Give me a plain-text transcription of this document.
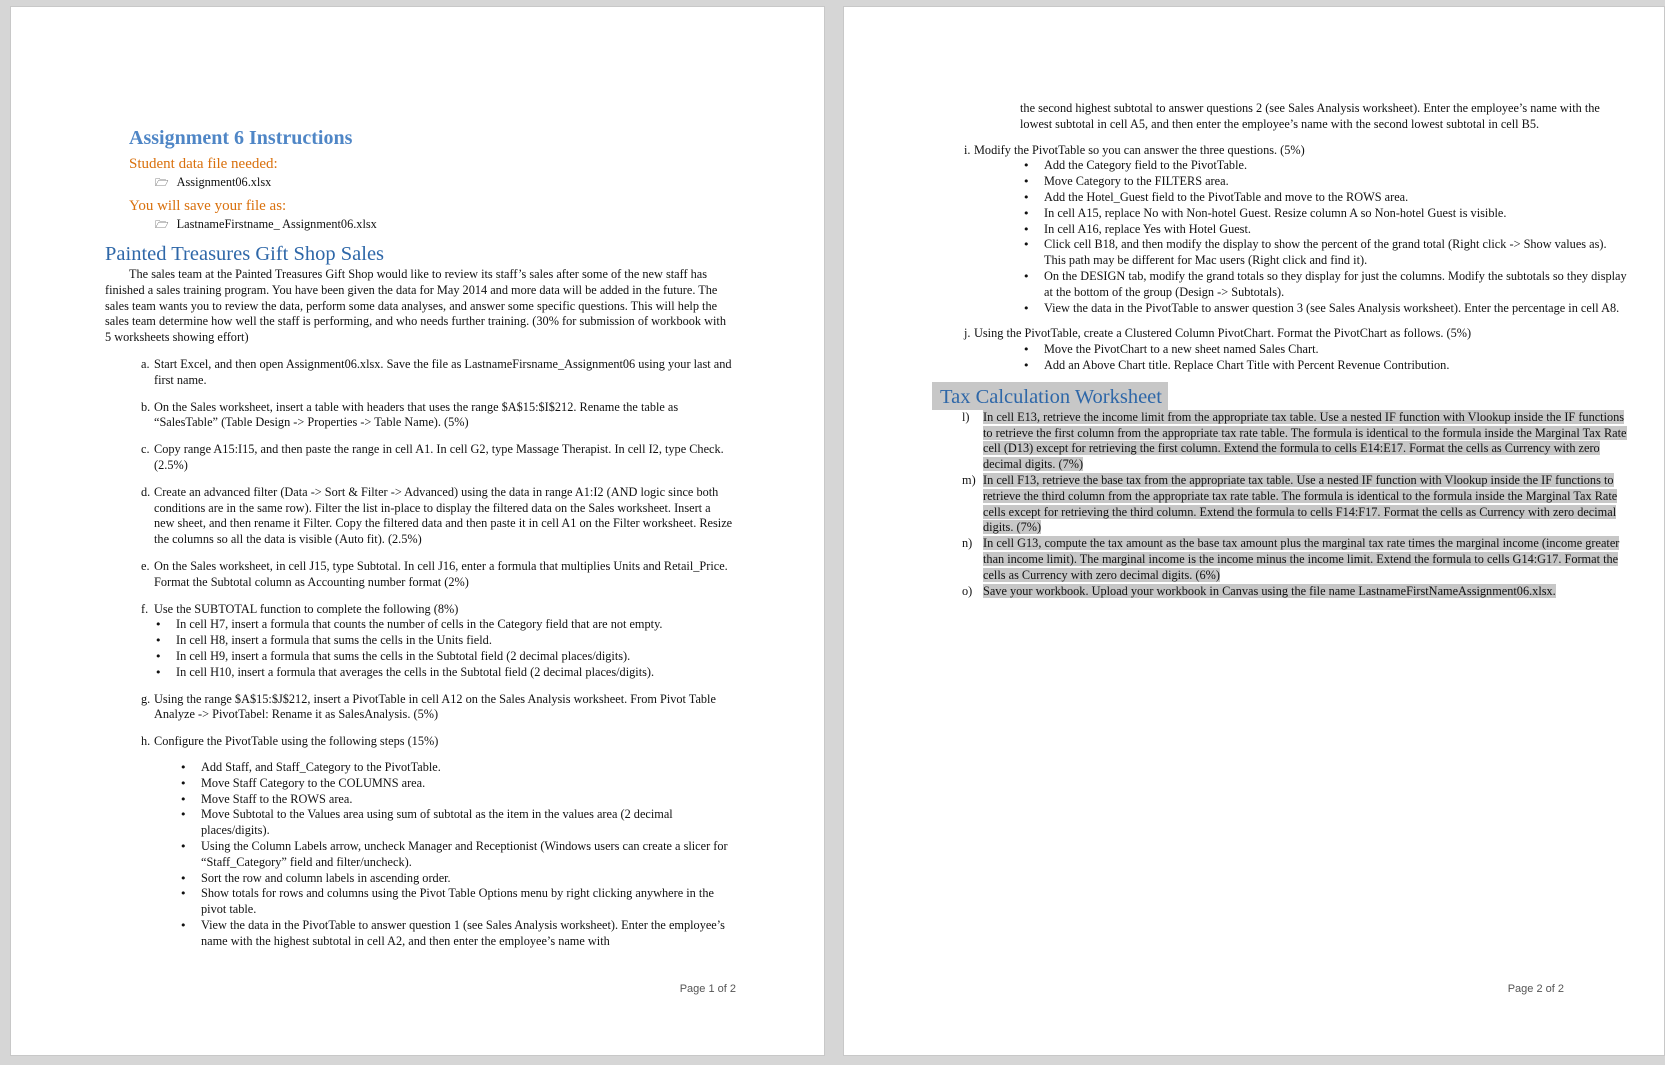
Assignment 6 Instructions
Student data file needed:
🗁 Assignment06.xlsx
You will save your file as:
🗁 LastnameFirstname_ Assignment06.xlsx
Painted Treasures Gift Shop Sales

The sales team at the Painted Treasures Gift Shop would like to review its staff’s sales after some of the new staff has finished a sales training program. You have been given the data for May 2014 and more data will be added in the future. The sales team wants you to review the data, perform some data analyses, and answer some specific questions. This will help the sales team determine how well the staff is performing, and who needs further training. (30% for submission of workbook with 5 worksheets showing effort)

a. Start Excel, and then open Assignment06.xlsx. Save the file as LastnameFirsname_Assignment06 using your last and first name.
b. On the Sales worksheet, insert a table with headers that uses the range $A$15:$I$212. Rename the table as “SalesTable” (Table Design -> Properties -> Table Name). (5%)
c. Copy range A15:I15, and then paste the range in cell A1. In cell G2, type Massage Therapist. In cell I2, type Check. (2.5%)
d. Create an advanced filter (Data -> Sort & Filter -> Advanced) using the data in range A1:I2 (AND logic since both conditions are in the same row). Filter the list in-place to display the filtered data on the Sales worksheet. Insert a new sheet, and then rename it Filter. Copy the filtered data and then paste it in cell A1 on the Filter worksheet. Resize the columns so all the data is visible (Auto fit). (2.5%)
e. On the Sales worksheet, in cell J15, type Subtotal. In cell J16, enter a formula that multiplies Units and Retail_Price. Format the Subtotal column as Accounting number format (2%)
f. Use the SUBTOTAL function to complete the following (8%)
• In cell H7, insert a formula that counts the number of cells in the Category field that are not empty.
• In cell H8, insert a formula that sums the cells in the Units field.
• In cell H9, insert a formula that sums the cells in the Subtotal field (2 decimal places/digits).
• In cell H10, insert a formula that averages the cells in the Subtotal field (2 decimal places/digits).
g. Using the range $A$15:$J$212, insert a PivotTable in cell A12 on the Sales Analysis worksheet. From Pivot Table Analyze -> PivotTabel: Rename it as SalesAnalysis. (5%)
h. Configure the PivotTable using the following steps (15%)
• Add Staff, and Staff_Category to the PivotTable.
• Move Staff Category to the COLUMNS area.
• Move Staff to the ROWS area.
• Move Subtotal to the Values area using sum of subtotal as the item in the values area (2 decimal places/digits).
• Using the Column Labels arrow, uncheck Manager and Receptionist (Windows users can create a slicer for “Staff_Category” field and filter/uncheck).
• Sort the row and column labels in ascending order.
• Show totals for rows and columns using the Pivot Table Options menu by right clicking anywhere in the pivot table.
• View the data in the PivotTable to answer question 1 (see Sales Analysis worksheet). Enter the employee’s name with the highest subtotal in cell A2, and then enter the employee’s name with
Page 1 of 2
the second highest subtotal to answer questions 2 (see Sales Analysis worksheet). Enter the employee’s name with the lowest subtotal in cell A5, and then enter the employee’s name with the second lowest subtotal in cell B5.
i. Modify the PivotTable so you can answer the three questions. (5%)
• Add the Category field to the PivotTable.
• Move Category to the FILTERS area.
• Add the Hotel_Guest field to the PivotTable and move to the ROWS area.
• In cell A15, replace No with Non-hotel Guest. Resize column A so Non-hotel Guest is visible.
• In cell A16, replace Yes with Hotel Guest.
• Click cell B18, and then modify the display to show the percent of the grand total (Right click -> Show values as). This path may be different for Mac users (Right click and find it).
• On the DESIGN tab, modify the grand totals so they display for just the columns. Modify the subtotals so they display at the bottom of the group (Design -> Subtotals).
• View the data in the PivotTable to answer question 3 (see Sales Analysis worksheet). Enter the percentage in cell A8.
j. Using the PivotTable, create a Clustered Column PivotChart. Format the PivotChart as follows. (5%)
• Move the PivotChart to a new sheet named Sales Chart.
• Add an Above Chart title. Replace Chart Title with Percent Revenue Contribution.
Tax Calculation Worksheet
l)	In cell E13, retrieve the income limit from the appropriate tax table. Use a nested IF function with Vlookup inside the IF functions to retrieve the first column from the appropriate tax rate table. The formula is identical to the formula inside the Marginal Tax Rate cell (D13) except for retrieving the first column. Extend the formula to cells E14:E17. Format the cells as Currency with zero decimal digits. (7%)
m) In cell F13, retrieve the base tax from the appropriate tax table. Use a nested IF function with Vlookup inside the IF functions to retrieve the third column from the appropriate tax rate table. The formula is identical to the formula inside the Marginal Tax Rate cells except for retrieving the third column. Extend the formula to cells F14:F17. Format the cells as Currency with zero decimal digits. (7%)
n) In cell G13, compute the tax amount as the base tax amount plus the marginal tax rate times the marginal income (income greater than income limit). The marginal income is the income minus the income limit. Extend the formula to cells G14:G17. Format the cells as Currency with zero decimal digits. (6%)
o) Save your workbook. Upload your workbook in Canvas using the file name LastnameFirstNameAssignment06.xlsx.
Page 2 of 2
